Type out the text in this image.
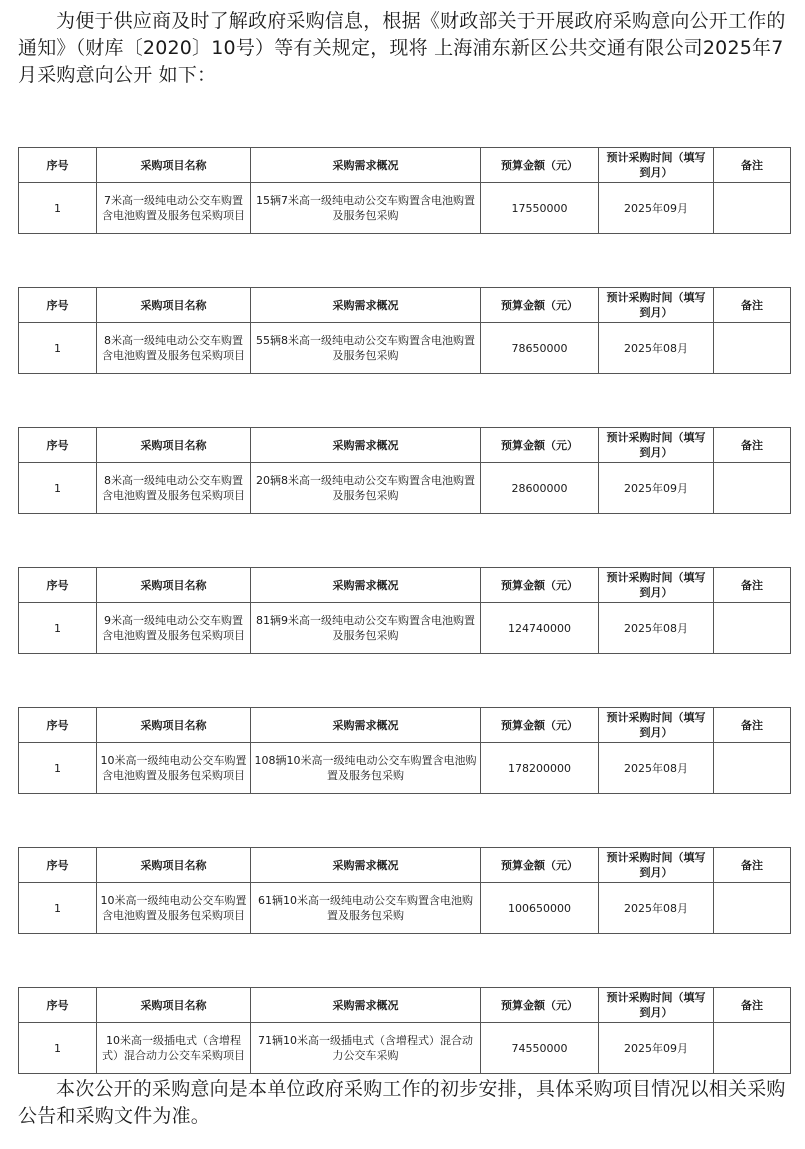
为便于供应商及时了解政府采购信息，根据《财政部关于开展政府采购意向公开工作的通知》（财库〔2020〕10号）等有关规定，现将 上海浦东新区公共交通有限公司2025年7月采购意向公开 如下：

序号	采购项目名称	采购需求概况	预算金额（元）	预计采购时间（填写到月）	备注
1	7米高一级纯电动公交车购置含电池购置及服务包采购项目	15辆7米高一级纯电动公交车购置含电池购置及服务包采购	17550000	2025年09月	
序号	采购项目名称	采购需求概况	预算金额（元）	预计采购时间（填写到月）	备注
1	8米高一级纯电动公交车购置含电池购置及服务包采购项目	55辆8米高一级纯电动公交车购置含电池购置及服务包采购	78650000	2025年08月	
序号	采购项目名称	采购需求概况	预算金额（元）	预计采购时间（填写到月）	备注
1	8米高一级纯电动公交车购置含电池购置及服务包采购项目	20辆8米高一级纯电动公交车购置含电池购置及服务包采购	28600000	2025年09月	
序号	采购项目名称	采购需求概况	预算金额（元）	预计采购时间（填写到月）	备注
1	9米高一级纯电动公交车购置含电池购置及服务包采购项目	81辆9米高一级纯电动公交车购置含电池购置及服务包采购	124740000	2025年08月	
序号	采购项目名称	采购需求概况	预算金额（元）	预计采购时间（填写到月）	备注
1	10米高一级纯电动公交车购置含电池购置及服务包采购项目	108辆10米高一级纯电动公交车购置含电池购置及服务包采购	178200000	2025年08月	
序号	采购项目名称	采购需求概况	预算金额（元）	预计采购时间（填写到月）	备注
1	10米高一级纯电动公交车购置含电池购置及服务包采购项目	61辆10米高一级纯电动公交车购置含电池购置及服务包采购	100650000	2025年08月	
序号	采购项目名称	采购需求概况	预算金额（元）	预计采购时间（填写到月）	备注
1	10米高一级插电式（含增程式）混合动力公交车采购项目	71辆10米高一级插电式（含增程式）混合动力公交车采购	74550000	2025年09月	

本次公开的采购意向是本单位政府采购工作的初步安排，具体采购项目情况以相关采购公告和采购文件为准。
